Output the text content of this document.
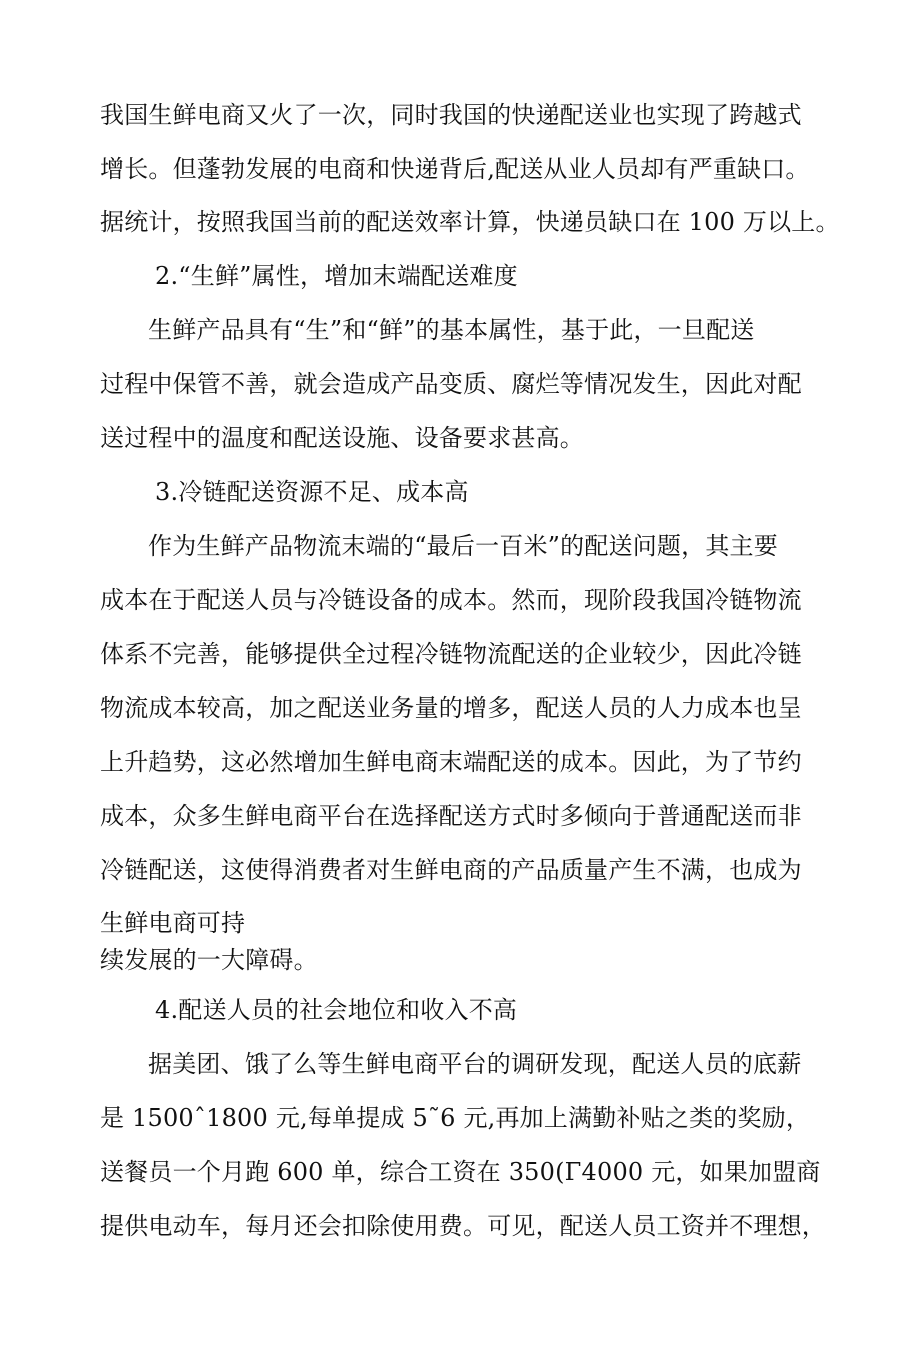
我国生鲜电商又火了一次，同时我国的快递配送业也实现了跨越式
增长。但蓬勃发展的电商和快递背后,配送从业人员却有严重缺口。
据统计，按照我国当前的配送效率计算，快递员缺口在 100 万以上。
2.“生鲜”属性，增加末端配送难度
生鲜产品具有“生”和“鲜”的基本属性，基于此，一旦配送
过程中保管不善，就会造成产品变质、腐烂等情况发生，因此对配
送过程中的温度和配送设施、设备要求甚高。
3.冷链配送资源不足、成本高
作为生鲜产品物流末端的“最后一百米”的配送问题，其主要
成本在于配送人员与冷链设备的成本。然而，现阶段我国冷链物流
体系不完善，能够提供全过程冷链物流配送的企业较少，因此冷链
物流成本较高，加之配送业务量的增多，配送人员的人力成本也呈
上升趋势，这必然增加生鲜电商末端配送的成本。因此，为了节约
成本，众多生鲜电商平台在选择配送方式时多倾向于普通配送而非
冷链配送，这使得消费者对生鲜电商的产品质量产生不满，也成为
生鲜电商可持
续发展的一大障碍。
4.配送人员的社会地位和收入不高
据美团、饿了么等生鲜电商平台的调研发现，配送人员的底薪
是 1500ˆ1800 元,每单提成 5˜6 元,再加上满勤补贴之类的奖励，
送餐员一个月跑 600 单，综合工资在 350(Γ4000 元，如果加盟商
提供电动车，每月还会扣除使用费。可见，配送人员工资并不理想，
